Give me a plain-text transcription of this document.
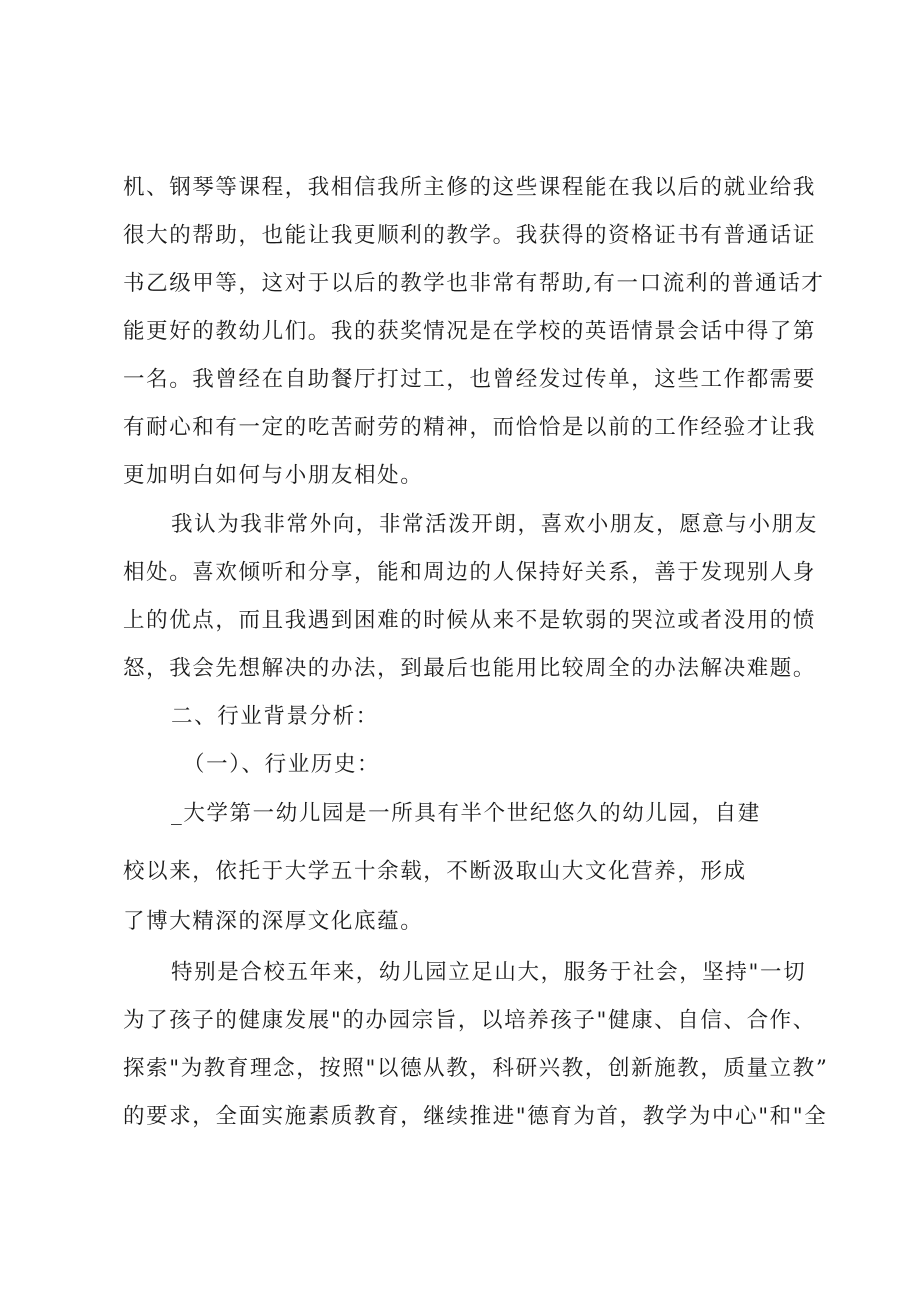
机、钢琴等课程，我相信我所主修的这些课程能在我以后的就业给我
很大的帮助，也能让我更顺利的教学。我获得的资格证书有普通话证
书乙级甲等，这对于以后的教学也非常有帮助,有一口流利的普通话才
能更好的教幼儿们。我的获奖情况是在学校的英语情景会话中得了第
一名。我曾经在自助餐厅打过工，也曾经发过传单，这些工作都需要
有耐心和有一定的吃苦耐劳的精神，而恰恰是以前的工作经验才让我
更加明白如何与小朋友相处。
我认为我非常外向，非常活泼开朗，喜欢小朋友，愿意与小朋友
相处。喜欢倾听和分享，能和周边的人保持好关系，善于发现别人身
上的优点，而且我遇到困难的时候从来不是软弱的哭泣或者没用的愤
怒，我会先想解决的办法，到最后也能用比较周全的办法解决难题。
二、行业背景分析：
（一）、行业历史：
_大学第一幼儿园是一所具有半个世纪悠久的幼儿园，自建
校以来，依托于大学五十余载，不断汲取山大文化营养，形成
了博大精深的深厚文化底蕴。
特别是合校五年来，幼儿园立足山大，服务于社会，坚持"一切
为了孩子的健康发展"的办园宗旨，以培养孩子"健康、自信、合作、
探索"为教育理念，按照"以德从教，科研兴教，创新施教，质量立教”
的要求，全面实施素质教育，继续推进"德育为首，教学为中心"和"全
